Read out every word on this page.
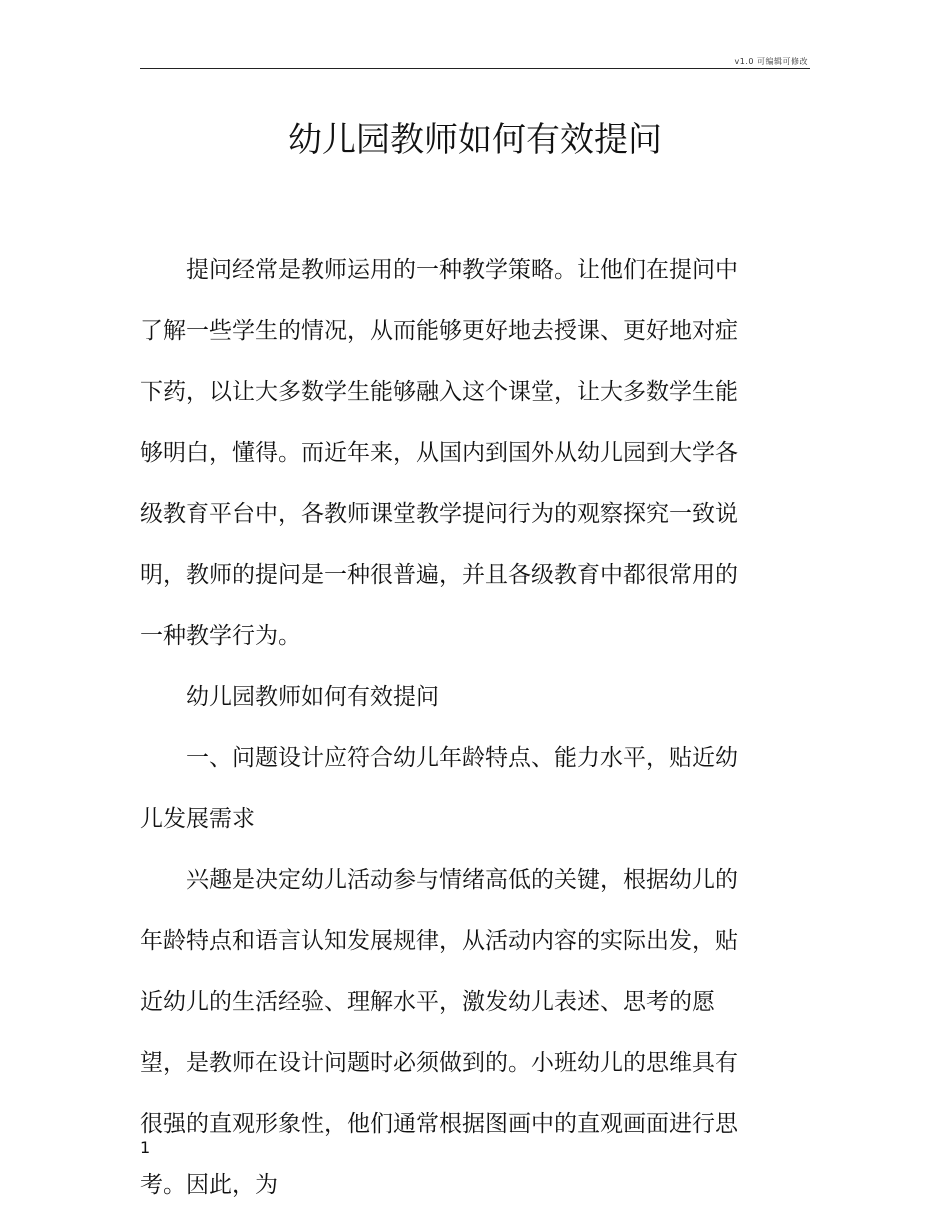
v1.0 可编辑可修改
幼儿园教师如何有效提问

提问经常是教师运用的一种教学策略。让他们在提问中了解一些学生的情况，从而能够更好地去授课、更好地对症下药，以让大多数学生能够融入这个课堂，让大多数学生能够明白，懂得。而近年来，从国内到国外从幼儿园到大学各级教育平台中，各教师课堂教学提问行为的观察探究一致说明，教师的提问是一种很普遍，并且各级教育中都很常用的一种教学行为。

幼儿园教师如何有效提问

一、问题设计应符合幼儿年龄特点、能力水平，贴近幼儿发展需求

兴趣是决定幼儿活动参与情绪高低的关键，根据幼儿的年龄特点和语言认知发展规律，从活动内容的实际出发，贴近幼儿的生活经验、理解水平，激发幼儿表述、思考的愿望，是教师在设计问题时必须做到的。小班幼儿的思维具有很强的直观形象性，他们通常根据图画中的直观画面进行思考。因此，为

1
